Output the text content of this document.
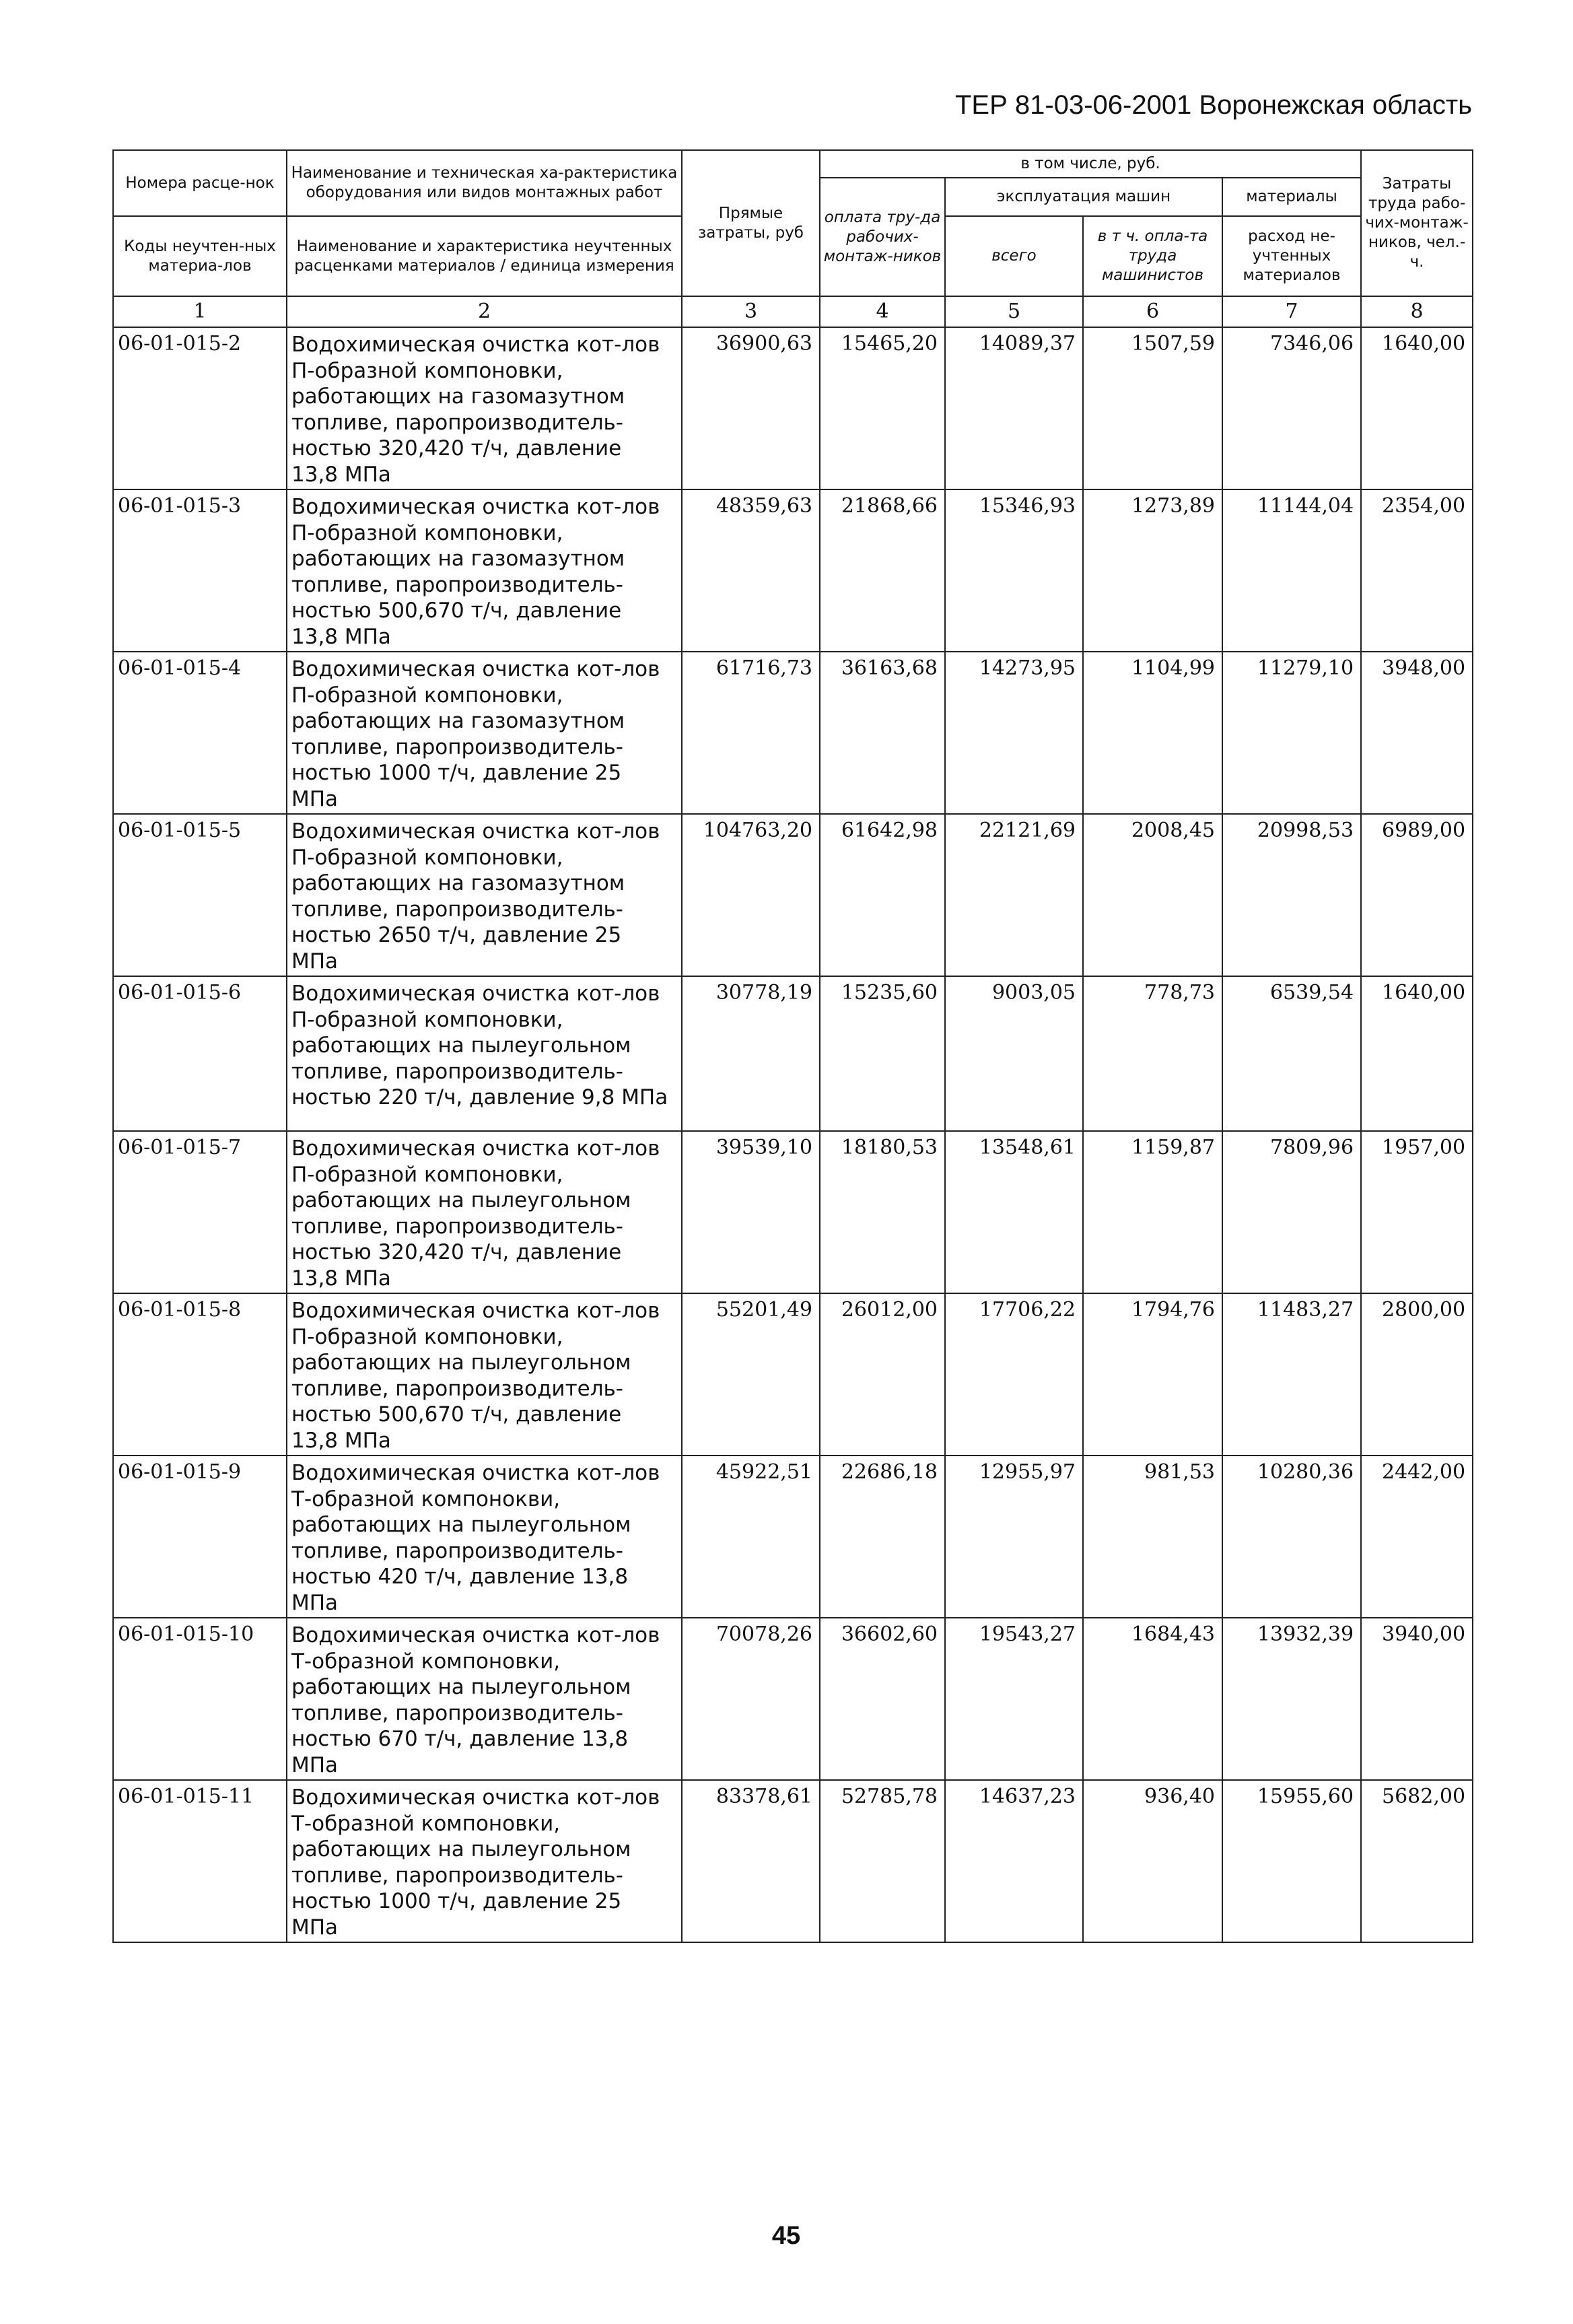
ТЕР 81-03-06-2001 Воронежская область
Номера расце-нок	Наименование и техническая ха-рактеристика оборудования или видов монтажных работ	Прямые затраты, руб	в том числе, руб.				Затраты труда рабо-чих-монтаж-ников, чел.-ч.
			оплата тру-да рабочих-монтаж-ников	эксплуатация машин		материалы	
Коды неучтен-ных материа-лов	Наименование и характеристика неучтенных расценками материалов / единица измерения			всего	в т ч. опла-та труда машинистов	расход не-учтенных материалов	

1	2	3	4	5	6	7	8
06-01-015-2	Водохимическая очистка кот-лов П-образной компоновки, работающих на газомазутном топливе, паропроизводитель-ностью 320,420 т/ч, давление 13,8 МПа	36900,63	15465,20	14089,37	1507,59	7346,06	1640,00
06-01-015-3	Водохимическая очистка кот-лов П-образной компоновки, работающих на газомазутном топливе, паропроизводитель-ностью 500,670 т/ч, давление 13,8 МПа	48359,63	21868,66	15346,93	1273,89	11144,04	2354,00
06-01-015-4	Водохимическая очистка кот-лов П-образной компоновки, работающих на газомазутном топливе, паропроизводитель-ностью 1000 т/ч, давление 25 МПа	61716,73	36163,68	14273,95	1104,99	11279,10	3948,00
06-01-015-5	Водохимическая очистка кот-лов П-образной компоновки, работающих на газомазутном топливе, паропроизводитель-ностью 2650 т/ч, давление 25 МПа	104763,20	61642,98	22121,69	2008,45	20998,53	6989,00
06-01-015-6	Водохимическая очистка кот-лов П-образной компоновки, работающих на пылеугольном топливе, паропроизводитель-ностью 220 т/ч, давление 9,8 МПа	30778,19	15235,60	9003,05	778,73	6539,54	1640,00
06-01-015-7	Водохимическая очистка кот-лов П-образной компоновки, работающих на пылеугольном топливе, паропроизводитель-ностью 320,420 т/ч, давление 13,8 МПа	39539,10	18180,53	13548,61	1159,87	7809,96	1957,00
06-01-015-8	Водохимическая очистка кот-лов П-образной компоновки, работающих на пылеугольном топливе, паропроизводитель-ностью 500,670 т/ч, давление 13,8 МПа	55201,49	26012,00	17706,22	1794,76	11483,27	2800,00
06-01-015-9	Водохимическая очистка кот-лов Т-образной компонокви, работающих на пылеугольном топливе, паропроизводитель-ностью 420 т/ч, давление 13,8 МПа	45922,51	22686,18	12955,97	981,53	10280,36	2442,00
06-01-015-10	Водохимическая очистка кот-лов Т-образной компоновки, работающих на пылеугольном топливе, паропроизводитель-ностью 670 т/ч, давление 13,8 МПа	70078,26	36602,60	19543,27	1684,43	13932,39	3940,00
06-01-015-11	Водохимическая очистка кот-лов Т-образной компоновки, работающих на пылеугольном топливе, паропроизводитель-ностью 1000 т/ч, давление 25 МПа	83378,61	52785,78	14637,23	936,40	15955,60	5682,00
45
